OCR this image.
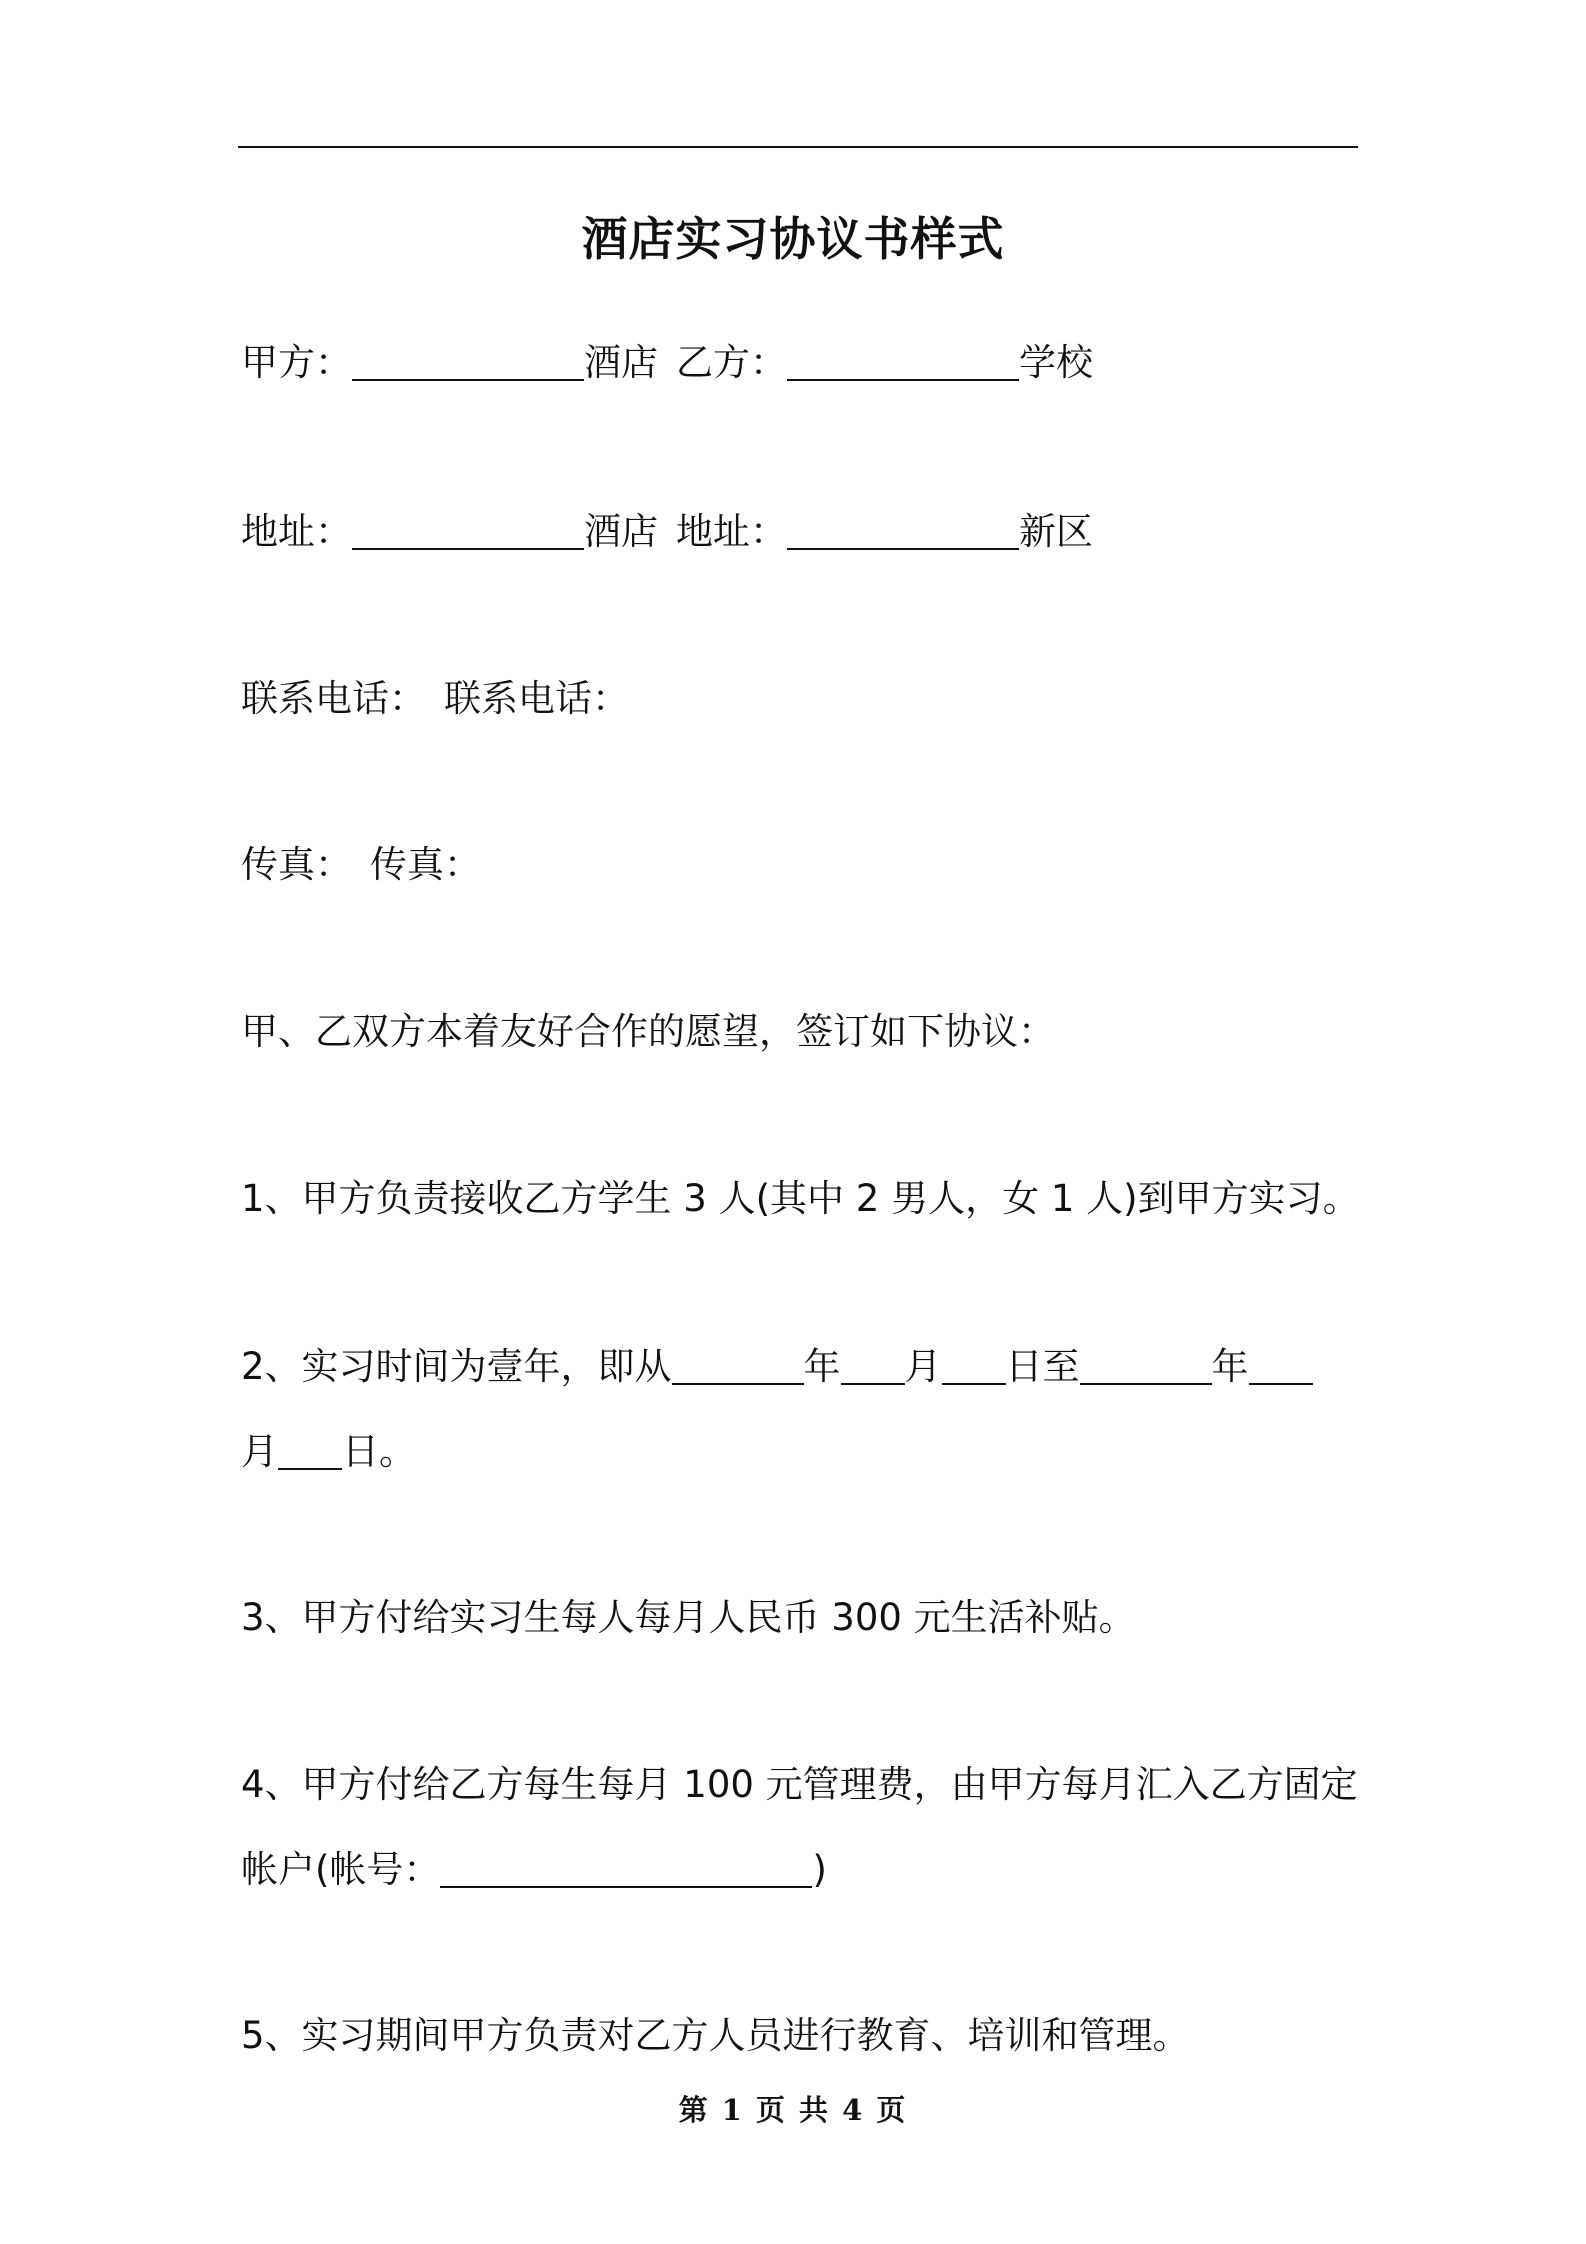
酒店实习协议书样式
甲方：	酒店 乙方：	学校
地址：	酒店 地址：	新区
联系电话： 联系电话：
传真： 传真：
甲、乙双方本着友好合作的愿望，签订如下协议：
1、甲方负责接收乙方学生 3 人(其中 2 男人，女 1 人)到甲方实习。
2、实习时间为壹年，即从	年 月 日至	年
月 日。
3、甲方付给实习生每人每月人民币 300 元生活补贴。
4、甲方付给乙方每生每月 100 元管理费，由甲方每月汇入乙方固定
帐户(帐号：	)
5、实习期间甲方负责对乙方人员进行教育、培训和管理。
第 1 页 共 4 页
